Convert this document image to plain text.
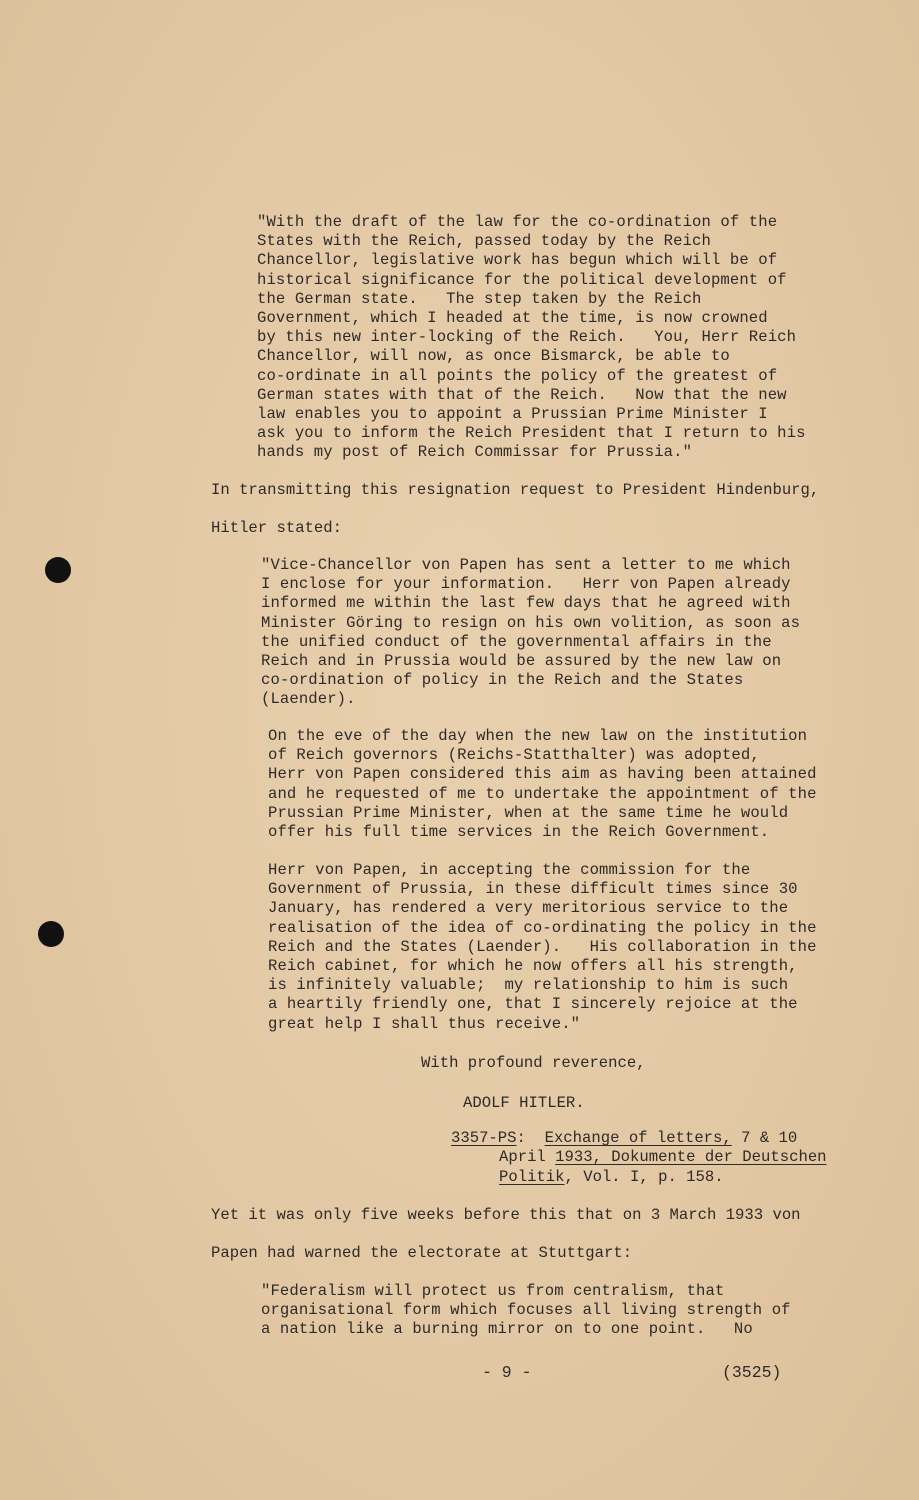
"With the draft of the law for the co-ordination of the
States with the Reich, passed today by the Reich
Chancellor, legislative work has begun which will be of
historical significance for the political development of
the German state.   The step taken by the Reich
Government, which I headed at the time, is now crowned
by this new inter-locking of the Reich.   You, Herr Reich
Chancellor, will now, as once Bismarck, be able to
co-ordinate in all points the policy of the greatest of
German states with that of the Reich.   Now that the new
law enables you to appoint a Prussian Prime Minister I
ask you to inform the Reich President that I return to his
hands my post of Reich Commissar for Prussia."
In transmitting this resignation request to President Hindenburg,
Hitler stated:
"Vice-Chancellor von Papen has sent a letter to me which
I enclose for your information.   Herr von Papen already
informed me within the last few days that he agreed with
Minister Göring to resign on his own volition, as soon as
the unified conduct of the governmental affairs in the
Reich and in Prussia would be assured by the new law on
co-ordination of policy in the Reich and the States
(Laender).
On the eve of the day when the new law on the institution
of Reich governors (Reichs-Statthalter) was adopted,
Herr von Papen considered this aim as having been attained
and he requested of me to undertake the appointment of the
Prussian Prime Minister, when at the same time he would
offer his full time services in the Reich Government.
Herr von Papen, in accepting the commission for the
Government of Prussia, in these difficult times since 30
January, has rendered a very meritorious service to the
realisation of the idea of co-ordinating the policy in the
Reich and the States (Laender).   His collaboration in the
Reich cabinet, for which he now offers all his strength,
is infinitely valuable;  my relationship to him is such
a heartily friendly one, that I sincerely rejoice at the
great help I shall thus receive."
With profound reverence,
ADOLF HITLER.
3357-PS:  Exchange of letters, 7 & 10
April 1933, Dokumente der Deutschen
Politik, Vol. I, p. 158.
Yet it was only five weeks before this that on 3 March 1933 von
Papen had warned the electorate at Stuttgart:
"Federalism will protect us from centralism, that
organisational form which focuses all living strength of
a nation like a burning mirror on to one point.   No
- 9 -	(3525)
